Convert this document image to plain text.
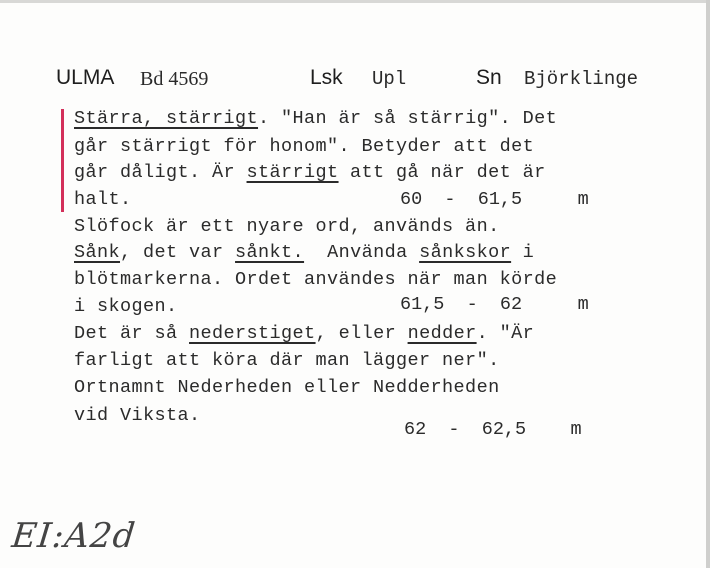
ULMA Bd 4569	Lsk Upl	Sn Björklinge
Stärra, stärrigt. "Han är så stärrig". Det
går stärrigt för honom". Betyder att det
går dåligt. Är stärrigt att gå när det är
halt.	60  -  61,5     m
Slöfock är ett nyare ord, används än.
Sånk, det var sånkt.  Använda sånkskor i
blötmarkerna. Ordet användes när man körde
i skogen.	61,5  -  62     m
Det är så nederstiget, eller nedder. "Är
farligt att köra där man lägger ner".
Ortnamnt Nederheden eller Nedderheden
vid Viksta.
62  -  62,5    m
EI:A2d
